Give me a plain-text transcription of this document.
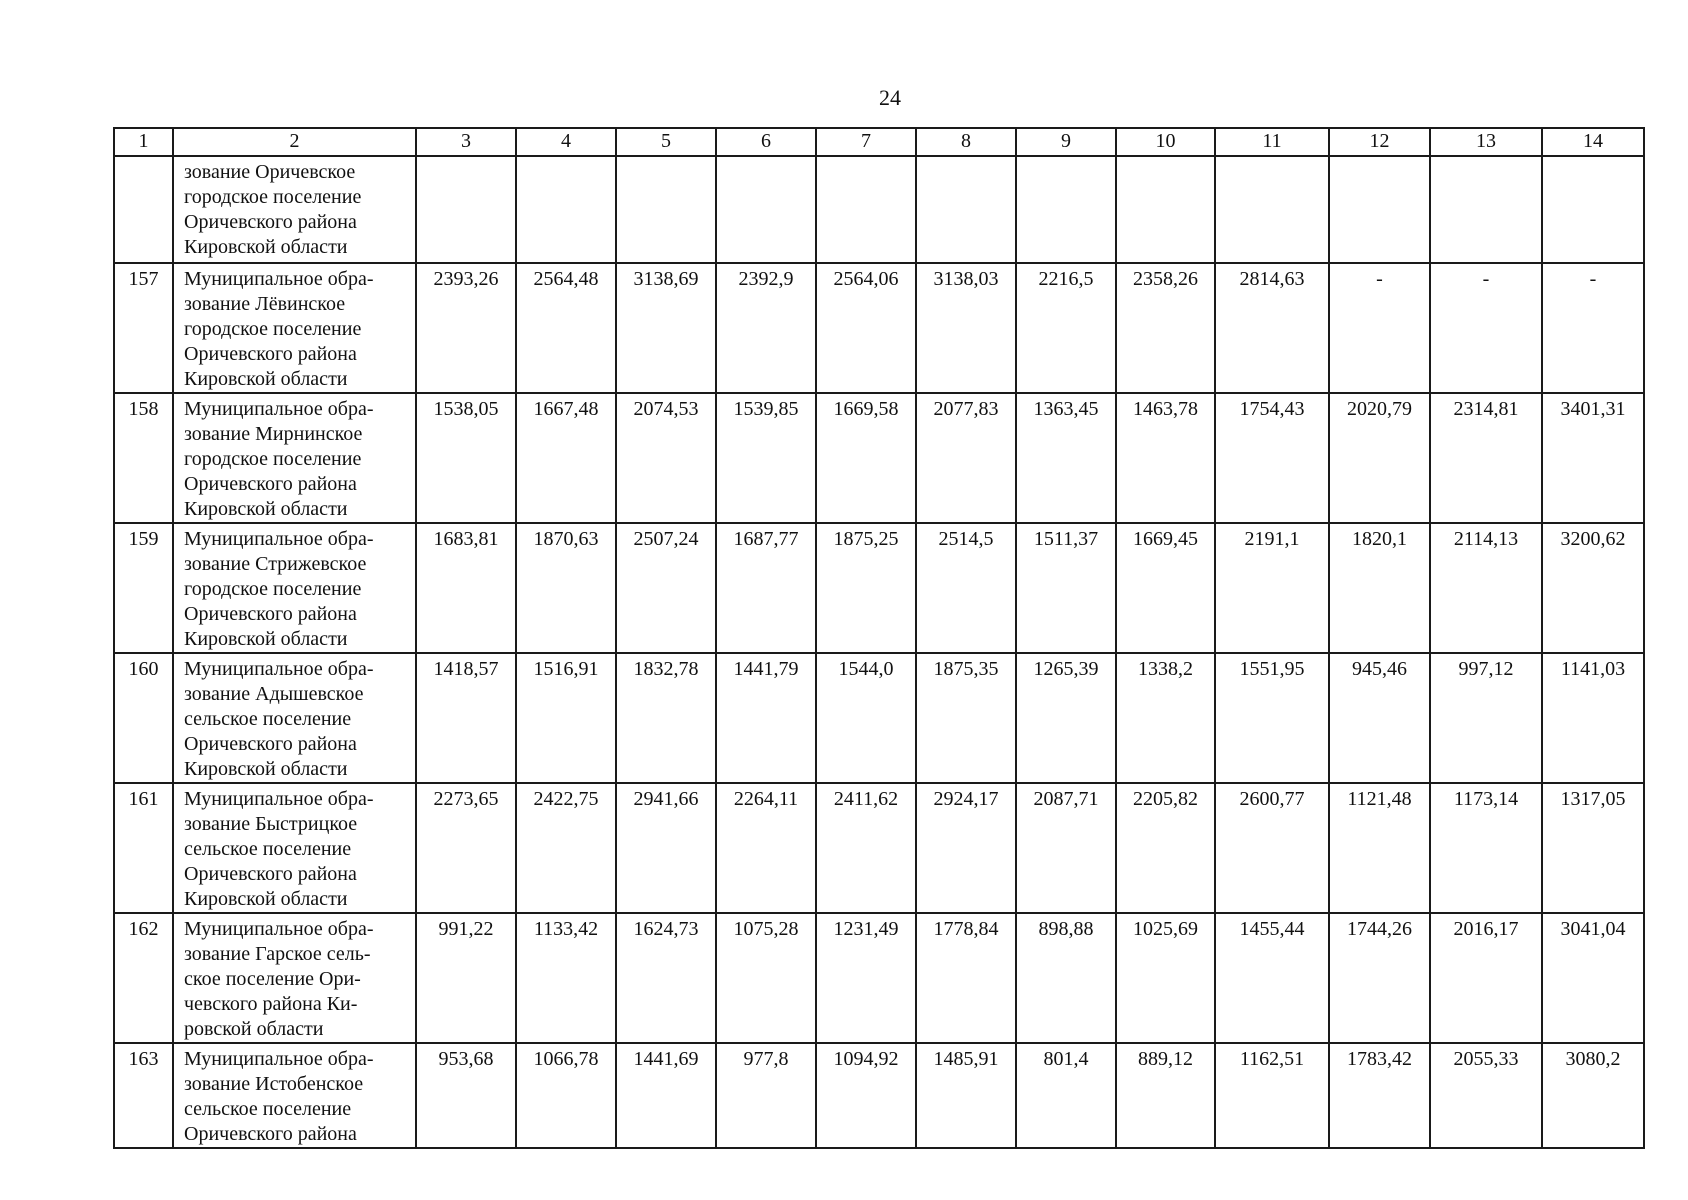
24
1	2	3	4	5	6	7	8	9	10	11	12	13	14

	зование Оричевское
городское поселение
Оричевского района
Кировской области												

157	Муниципальное обра-
зование Лёвинское
городское поселение
Оричевского района
Кировской области	2393,26	2564,48	3138,69	2392,9	2564,06	3138,03	2216,5	2358,26	2814,63	-	-	-
158	Муниципальное обра-
зование Мирнинское
городское поселение
Оричевского района
Кировской области	1538,05	1667,48	2074,53	1539,85	1669,58	2077,83	1363,45	1463,78	1754,43	2020,79	2314,81	3401,31
159	Муниципальное обра-
зование Стрижевское
городское поселение
Оричевского района
Кировской области	1683,81	1870,63	2507,24	1687,77	1875,25	2514,5	1511,37	1669,45	2191,1	1820,1	2114,13	3200,62
160	Муниципальное обра-
зование Адышевское
сельское поселение
Оричевского района
Кировской области	1418,57	1516,91	1832,78	1441,79	1544,0	1875,35	1265,39	1338,2	1551,95	945,46	997,12	1141,03
161	Муниципальное обра-
зование Быстрицкое
сельское поселение
Оричевского района
Кировской области	2273,65	2422,75	2941,66	2264,11	2411,62	2924,17	2087,71	2205,82	2600,77	1121,48	1173,14	1317,05
162	Муниципальное обра-
зование Гарское сель-
ское поселение Ори-
чевского района Ки-
ровской области	991,22	1133,42	1624,73	1075,28	1231,49	1778,84	898,88	1025,69	1455,44	1744,26	2016,17	3041,04
163	Муниципальное обра-
зование Истобенское
сельское поселение
Оричевского района	953,68	1066,78	1441,69	977,8	1094,92	1485,91	801,4	889,12	1162,51	1783,42	2055,33	3080,2
